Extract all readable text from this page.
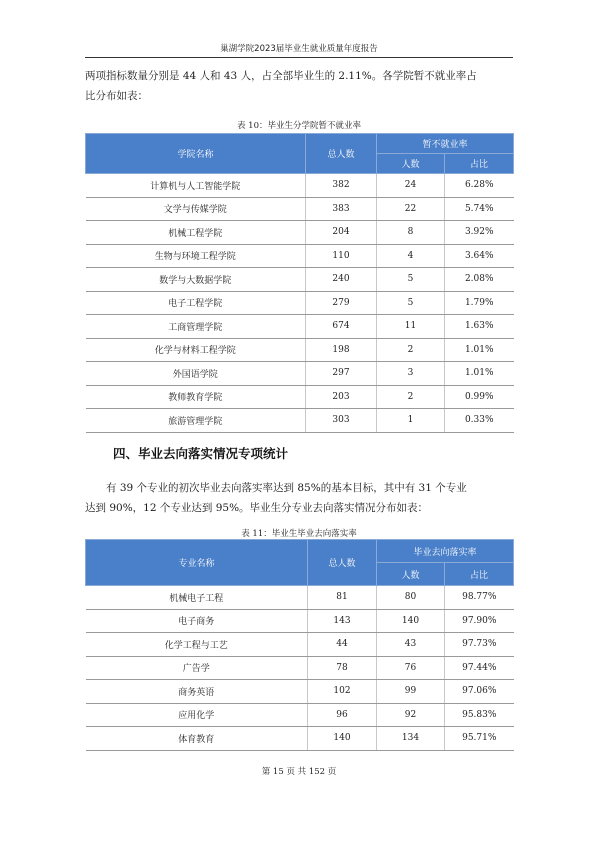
巢湖学院2023届毕业生就业质量年度报告

两项指标数量分别是 44 人和 43 人，占全部毕业生的 2.11%。各学院暂不就业率占
比分布如表：

表 10：毕业生分学院暂不就业率
学院名称	总人数	暂不就业率	
		人数	占比
计算机与人工智能学院	382	24	6.28%
文学与传媒学院	383	22	5.74%
机械工程学院	204	8	3.92%
生物与环境工程学院	110	4	3.64%
数学与大数据学院	240	5	2.08%
电子工程学院	279	5	1.79%
工商管理学院	674	11	1.63%
化学与材料工程学院	198	2	1.01%
外国语学院	297	3	1.01%
教师教育学院	203	2	0.99%
旅游管理学院	303	1	0.33%
四、毕业去向落实情况专项统计

有 39 个专业的初次毕业去向落实率达到 85%的基本目标，其中有 31 个专业
达到 90%，12 个专业达到 95%。毕业生分专业去向落实情况分布如表：

表 11：毕业生毕业去向落实率
专业名称	总人数	毕业去向落实率	
		人数	占比
机械电子工程	81	80	98.77%
电子商务	143	140	97.90%
化学工程与工艺	44	43	97.73%
广告学	78	76	97.44%
商务英语	102	99	97.06%
应用化学	96	92	95.83%
体育教育	140	134	95.71%
第 15 页 共 152 页
